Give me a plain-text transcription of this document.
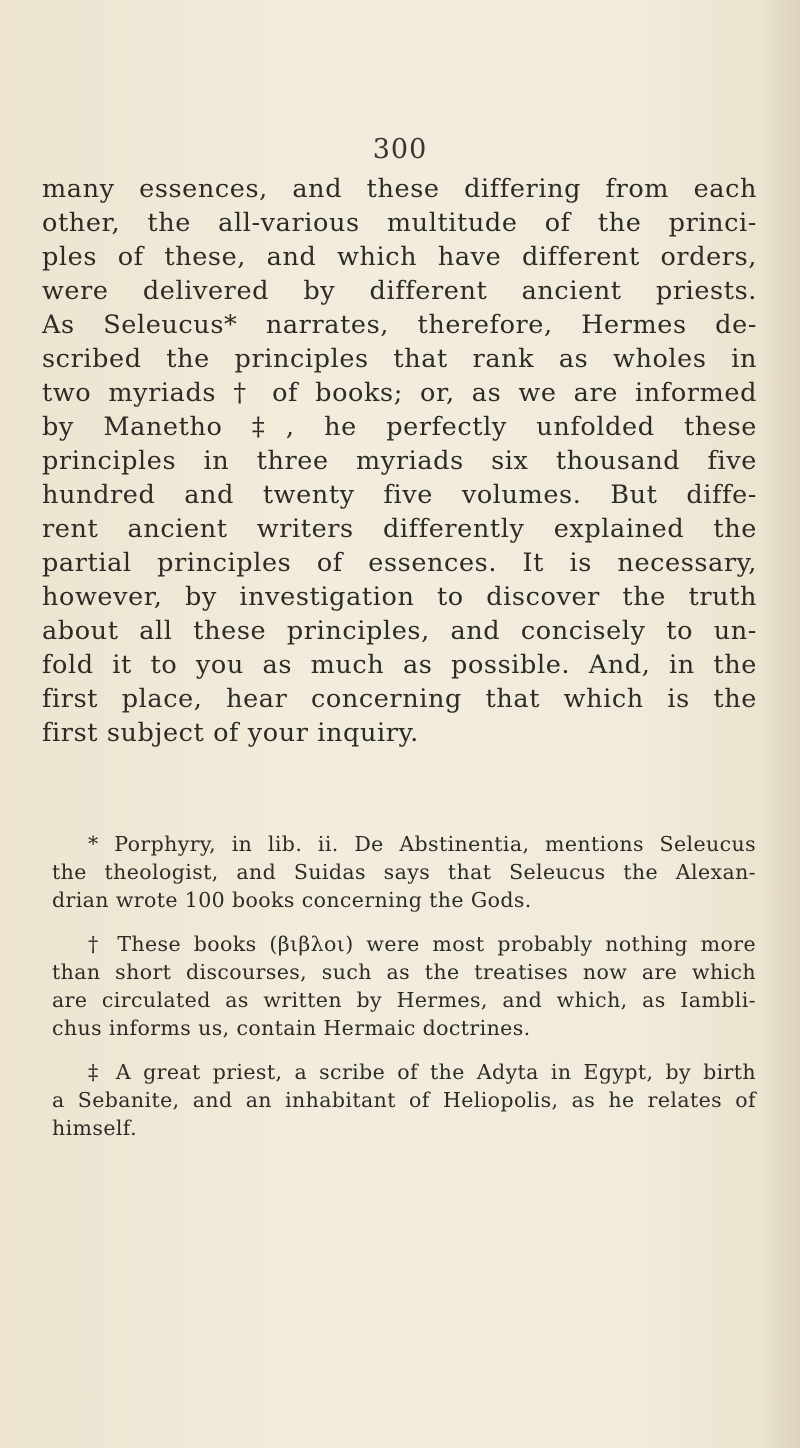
300
many essences, and these differing from each
other, the all-various multitude of the princi-
ples of these, and which have different orders,
were delivered by different ancient priests.
As Seleucus* narrates, therefore, Hermes de-
scribed the principles that rank as wholes in
two myriads † of books; or, as we are informed
by Manetho ‡, he perfectly unfolded these
principles in three myriads six thousand five
hundred and twenty five volumes. But diffe-
rent ancient writers differently explained the
partial principles of essences. It is necessary,
however, by investigation to discover the truth
about all these principles, and concisely to un-
fold it to you as much as possible. And, in the
first place, hear concerning that which is the
first subject of your inquiry.
* Porphyry, in lib. ii. De Abstinentia, mentions Seleucus
the theologist, and Suidas says that Seleucus the Alexan-
drian wrote 100 books concerning the Gods.
† These books (βιβλοι) were most probably nothing more
than short discourses, such as the treatises now are which
are circulated as written by Hermes, and which, as Iambli-
chus informs us, contain Hermaic doctrines.
‡ A great priest, a scribe of the Adyta in Egypt, by birth
a Sebanite, and an inhabitant of Heliopolis, as he relates of
himself.
